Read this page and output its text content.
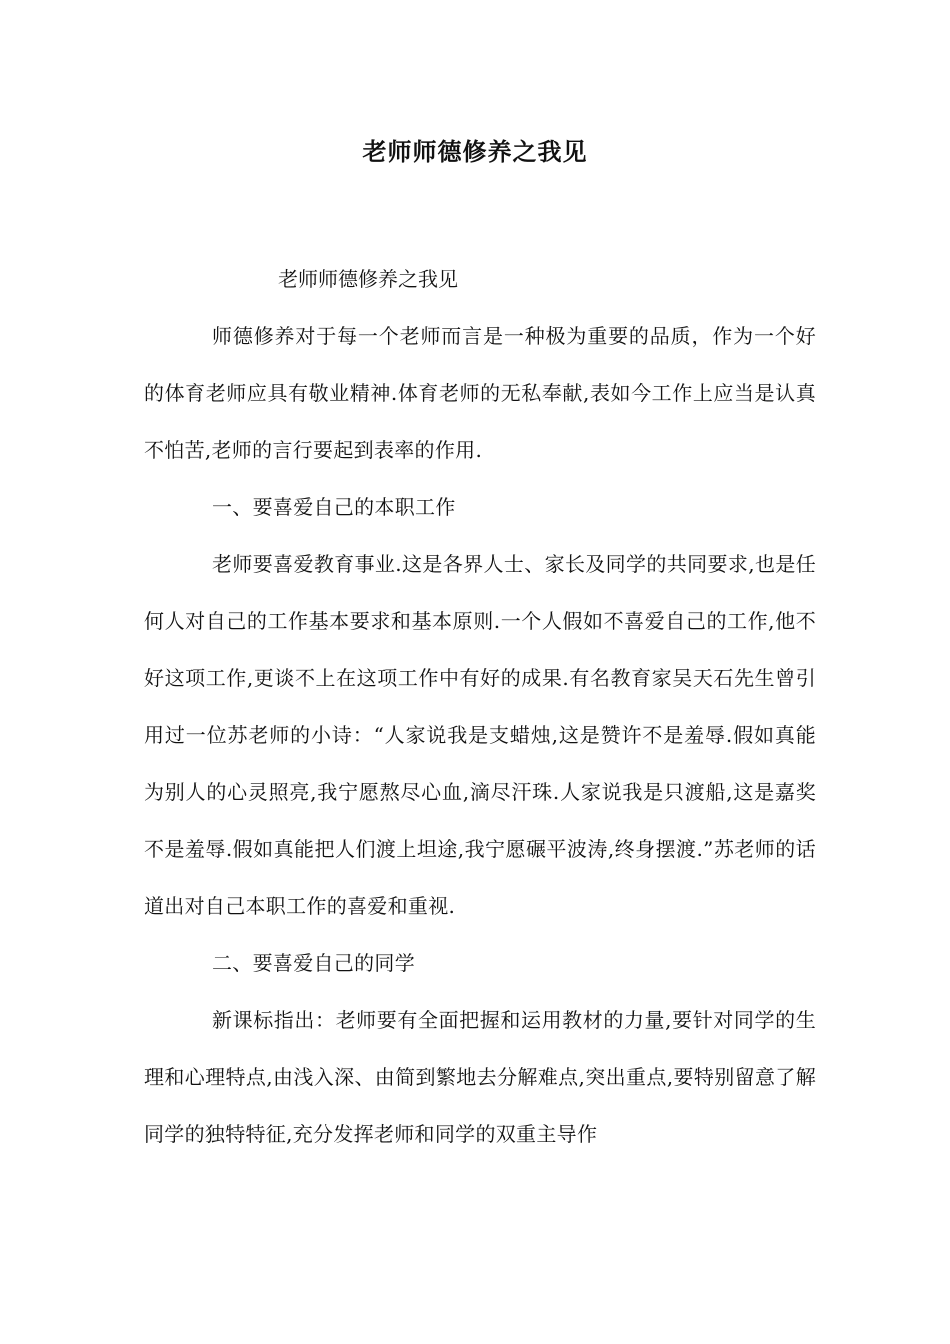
老师师德修养之我见

老师师德修养之我见

师德修养对于每一个老师而言是一种极为重要的品质，作为一个好的体育老师应具有敬业精神.体育老师的无私奉献,表如今工作上应当是认真不怕苦,老师的言行要起到表率的作用.

一、要喜爱自己的本职工作

老师要喜爱教育事业.这是各界人士、家长及同学的共同要求,也是任何人对自己的工作基本要求和基本原则.一个人假如不喜爱自己的工作,他不好这项工作,更谈不上在这项工作中有好的成果.有名教育家吴天石先生曾引用过一位苏老师的小诗：“人家说我是支蜡烛,这是赞许不是羞辱.假如真能为别人的心灵照亮,我宁愿熬尽心血,滴尽汗珠.人家说我是只渡船,这是嘉奖不是羞辱.假如真能把人们渡上坦途,我宁愿碾平波涛,终身摆渡.”苏老师的话道出对自己本职工作的喜爱和重视.

二、要喜爱自己的同学

新课标指出：老师要有全面把握和运用教材的力量,要针对同学的生理和心理特点,由浅入深、由简到繁地去分解难点,突出重点,要特别留意了解同学的独特特征,充分发挥老师和同学的双重主导作
